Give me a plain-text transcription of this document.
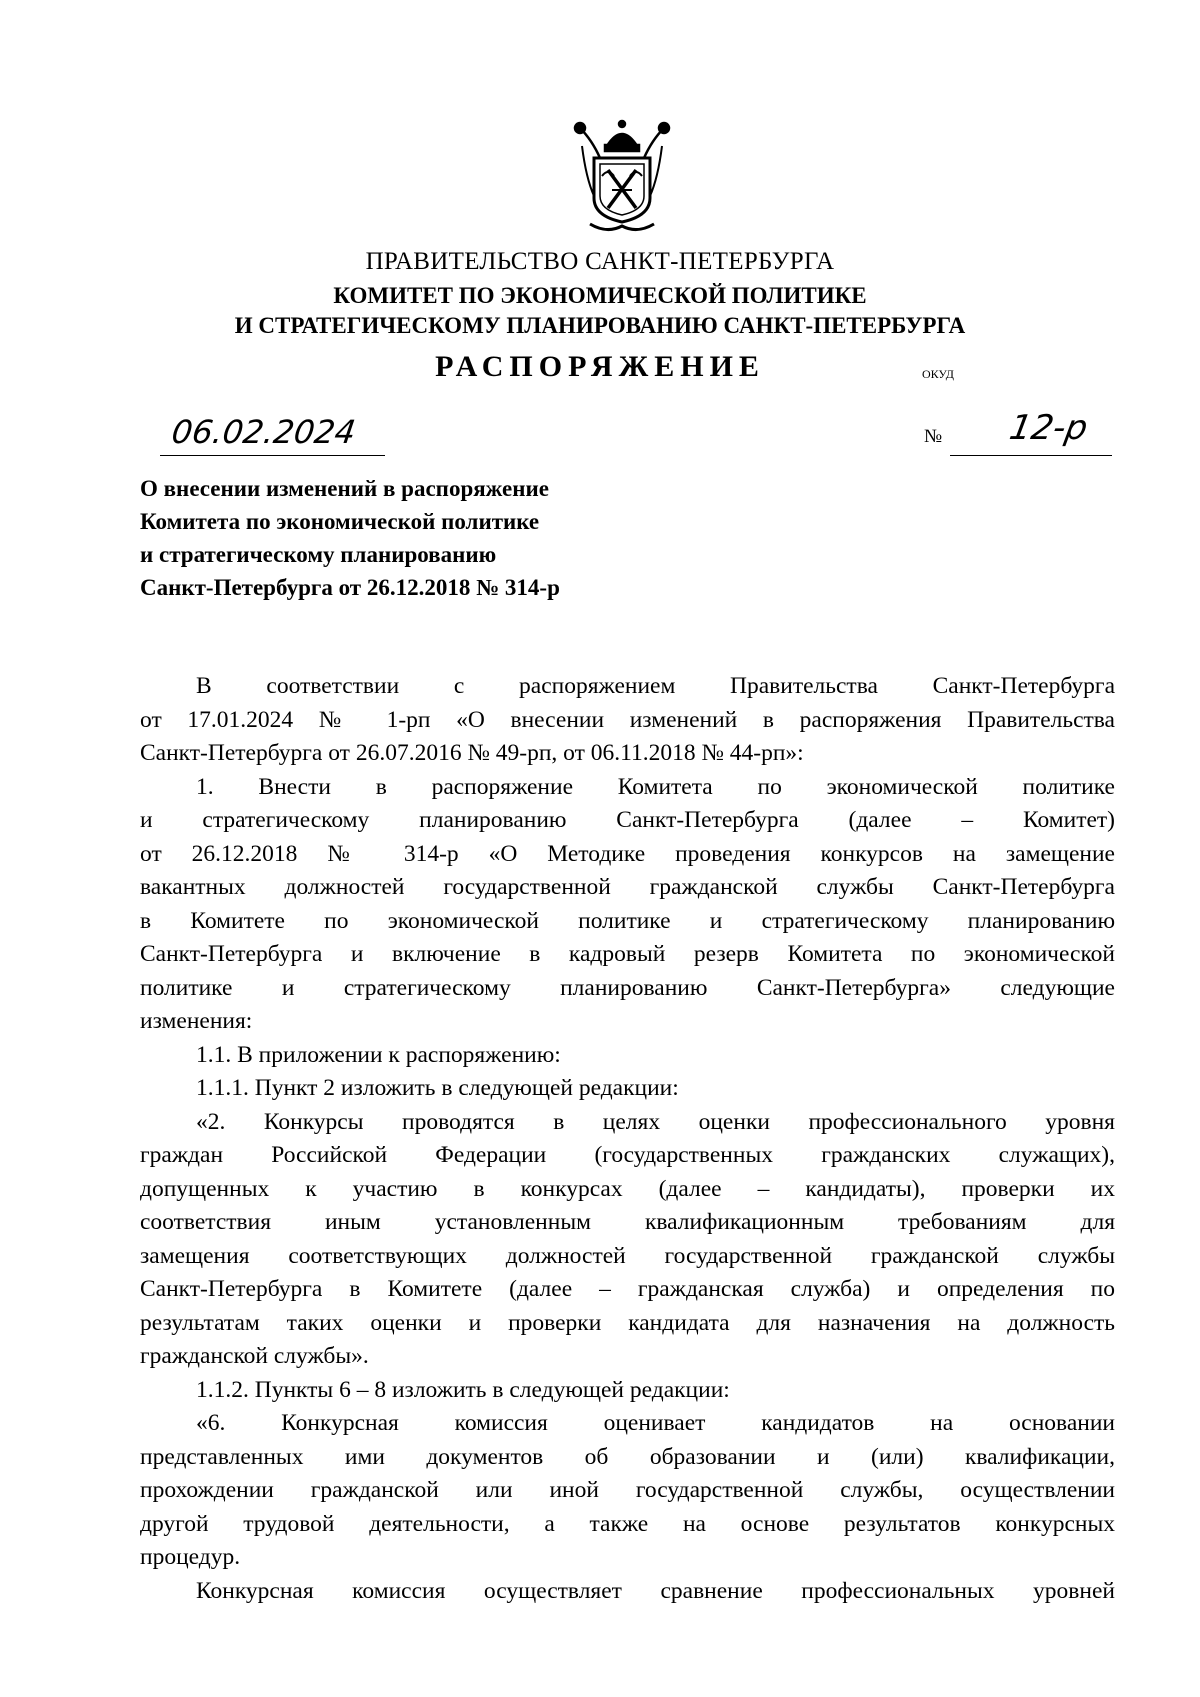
ПРАВИТЕЛЬСТВО САНКТ-ПЕТЕРБУРГА
КОМИТЕТ ПО ЭКОНОМИЧЕСКОЙ ПОЛИТИКЕ
И СТРАТЕГИЧЕСКОМУ ПЛАНИРОВАНИЮ САНКТ-ПЕТЕРБУРГА
РАСПОРЯЖЕНИЕ	ОКУД
06.02.2024	№ 12-р
О внесении изменений в распоряжение
Комитета по экономической политике
и стратегическому планированию
Санкт-Петербурга от 26.12.2018 № 314-р
В соответствии с распоряжением Правительства Санкт-Петербурга
от 17.01.2024 № 1-рп «О внесении изменений в распоряжения Правительства
Санкт-Петербурга от 26.07.2016 № 49-рп, от 06.11.2018 № 44-рп»:
1. Внести в распоряжение Комитета по экономической политике
и стратегическому планированию Санкт-Петербурга (далее – Комитет)
от 26.12.2018 № 314-р «О Методике проведения конкурсов на замещение
вакантных должностей государственной гражданской службы Санкт-Петербурга
в Комитете по экономической политике и стратегическому планированию
Санкт-Петербурга и включение в кадровый резерв Комитета по экономической
политике и стратегическому планированию Санкт-Петербурга» следующие
изменения:
1.1. В приложении к распоряжению:
1.1.1. Пункт 2 изложить в следующей редакции:
«2. Конкурсы проводятся в целях оценки профессионального уровня
граждан Российской Федерации (государственных гражданских служащих),
допущенных к участию в конкурсах (далее – кандидаты), проверки их
соответствия иным установленным квалификационным требованиям для
замещения соответствующих должностей государственной гражданской службы
Санкт-Петербурга в Комитете (далее – гражданская служба) и определения по
результатам таких оценки и проверки кандидата для назначения на должность
гражданской службы».
1.1.2. Пункты 6 – 8 изложить в следующей редакции:
«6. Конкурсная комиссия оценивает кандидатов на основании
представленных ими документов об образовании и (или) квалификации,
прохождении гражданской или иной государственной службы, осуществлении
другой трудовой деятельности, а также на основе результатов конкурсных
процедур.
Конкурсная комиссия осуществляет сравнение профессиональных уровней
